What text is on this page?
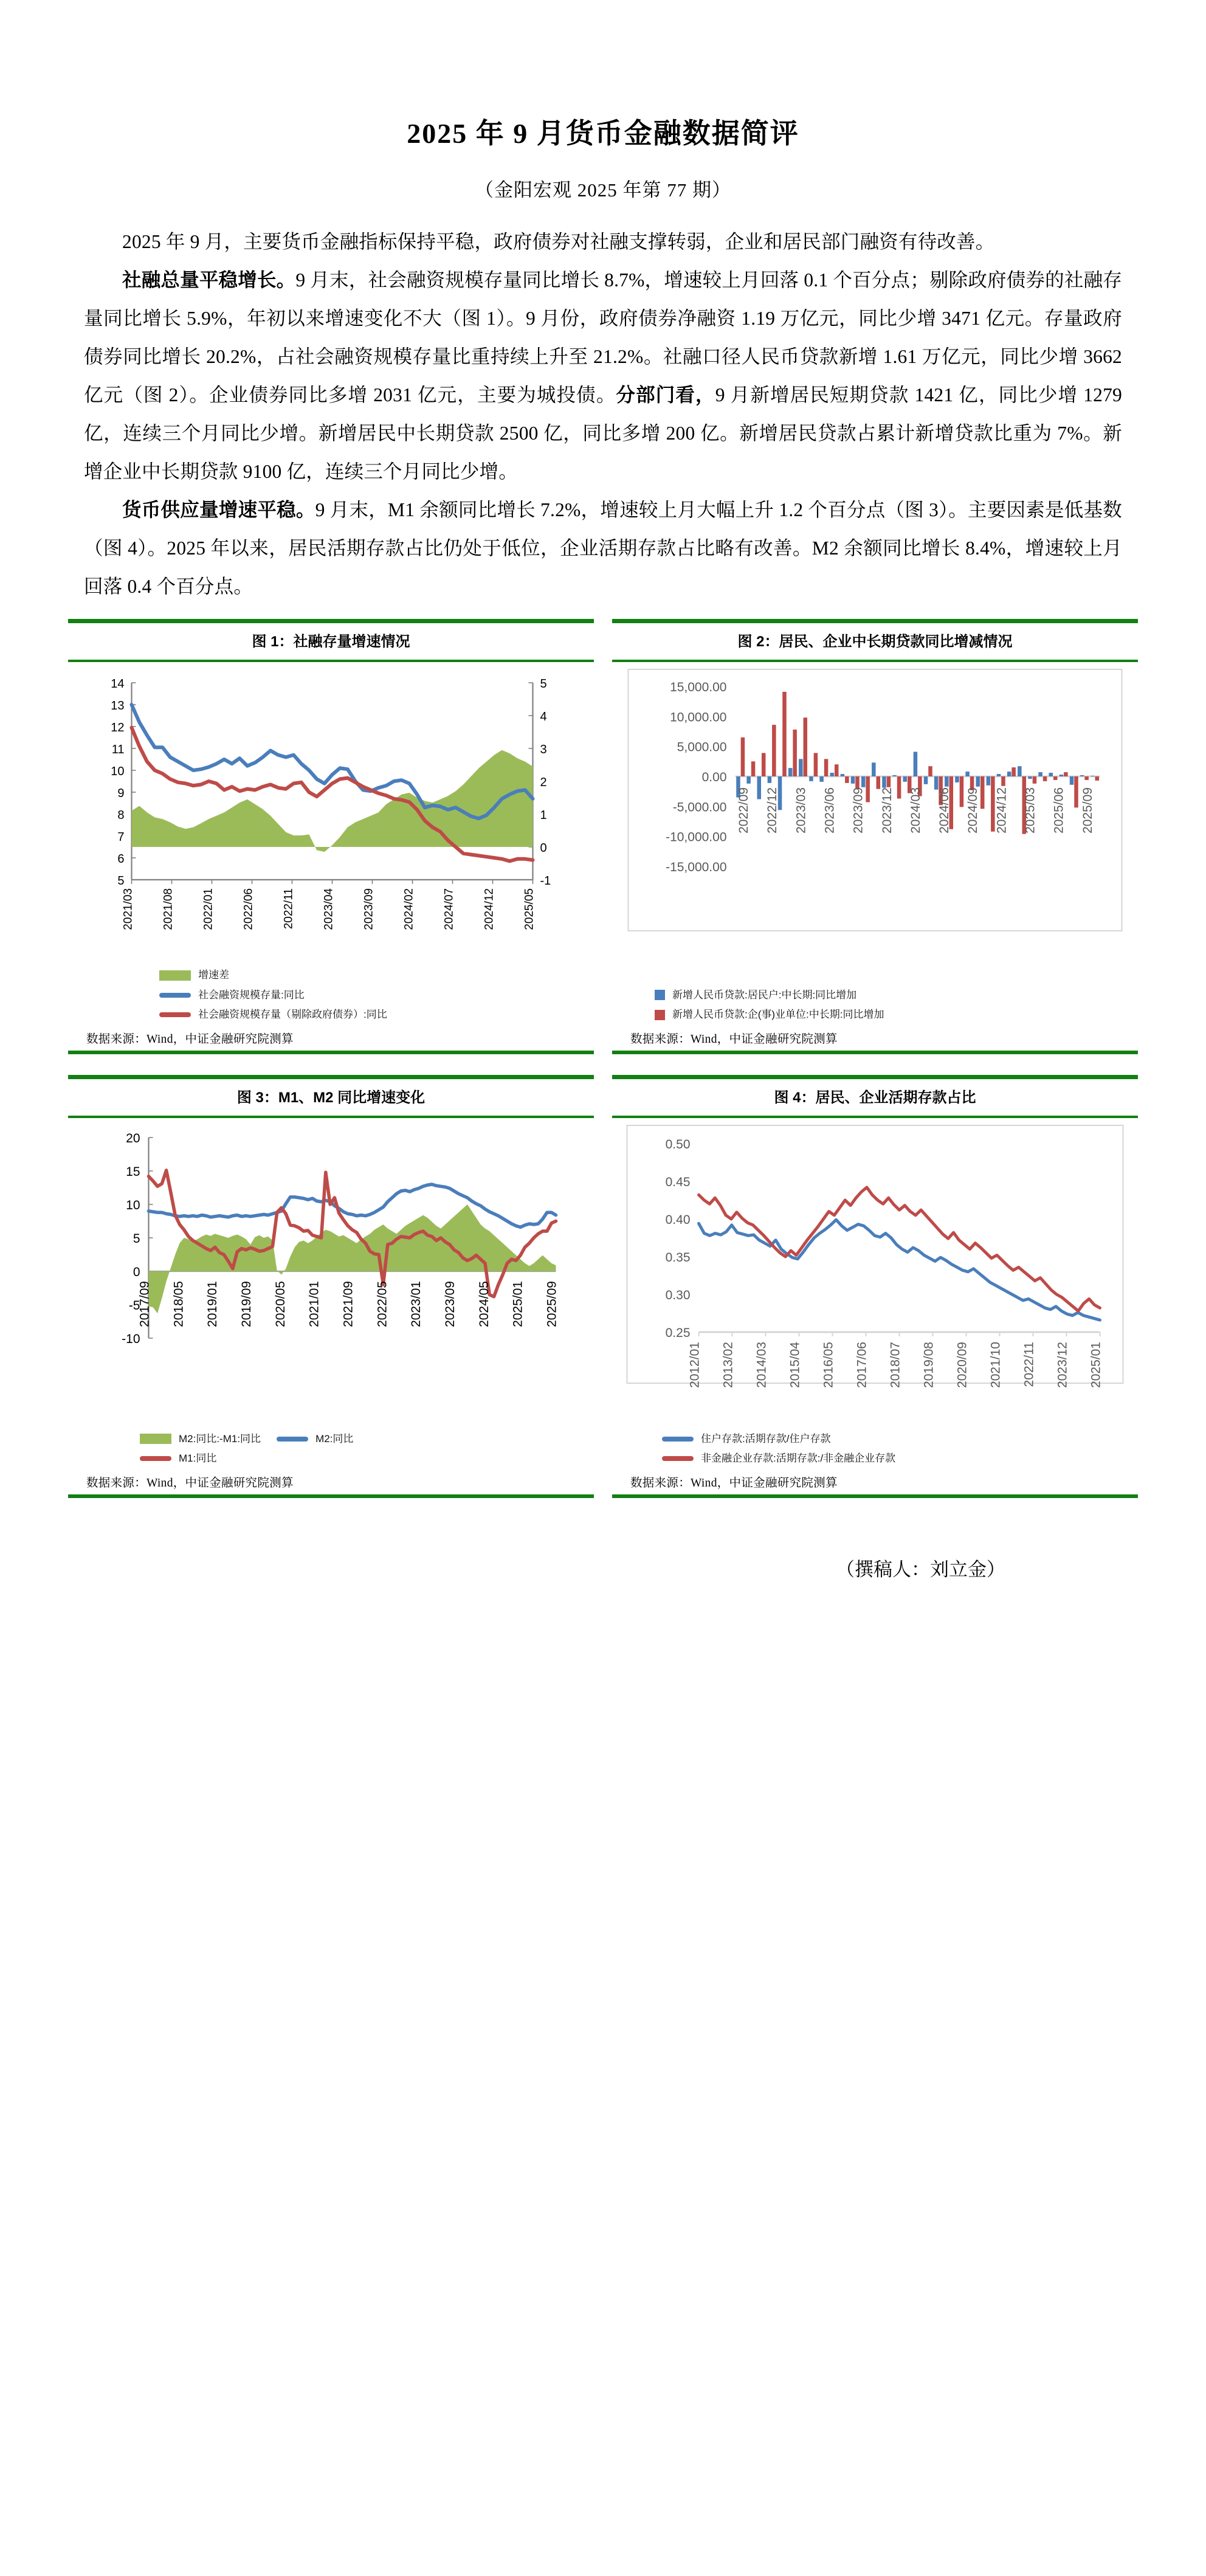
2025 年 9 月货币金融数据简评
（金阳宏观 2025 年第 77 期）

2025 年 9 月，主要货币金融指标保持平稳，政府债券对社融支撑转弱，企业和居民部门融资有待改善。

社融总量平稳增长。9 月末，社会融资规模存量同比增长 8.7%，增速较上月回落 0.1 个百分点；剔除政府债券的社融存量同比增长 5.9%，年初以来增速变化不大（图 1）。9 月份，政府债券净融资 1.19 万亿元，同比少增 3471 亿元。存量政府债券同比增长 20.2%，占社会融资规模存量比重持续上升至 21.2%。社融口径人民币贷款新增 1.61 万亿元，同比少增 3662 亿元（图 2）。企业债券同比多增 2031 亿元，主要为城投债。分部门看，9 月新增居民短期贷款 1421 亿，同比少增 1279 亿，连续三个月同比少增。新增居民中长期贷款 2500 亿，同比多增 200 亿。新增居民贷款占累计新增贷款比重为 7%。新增企业中长期贷款 9100 亿，连续三个月同比少增。

货币供应量增速平稳。9 月末，M1 余额同比增长 7.2%，增速较上月大幅上升 1.2 个百分点（图 3）。主要因素是低基数（图 4）。2025 年以来，居民活期存款占比仍处于低位，企业活期存款占比略有改善。M2 余额同比增长 8.4%，增速较上月回落 0.4 个百分点。

图 1：社融存量增速情况
5
6
7
8
9
10
11
12
13
14
-1
0
1
2
3
4
5
2021/03 2021/08 2022/01 2022/06 2022/11 2023/04 2023/09 2024/02 2024/07 2024/12 2025/05
增速差
社会融资规模存量:同比
社会融资规模存量（剔除政府债券）:同比
数据来源：Wind，中证金融研究院测算
图 2：居民、企业中长期贷款同比增减情况
-15,000.00
-10,000.00
-5,000.00
0.00
5,000.00
10,000.00
15,000.00
2022/09 2022/12 2023/03 2023/06 2023/09 2023/12 2024/03 2024/06 2024/09 2024/12 2025/03 2025/06 2025/09
新增人民币贷款:居民户:中长期:同比增加
新增人民币贷款:企(事)业单位:中长期:同比增加
数据来源：Wind，中证金融研究院测算
图 3：M1、M2 同比增速变化
-10
-5
0
5
10
15
20
2017/09 2018/05 2019/01 2019/09 2020/05 2021/01 2021/09 2022/05 2023/01 2023/09 2024/05 2025/01 2025/09
M2:同比:-M1:同比	M2:同比
M1:同比
数据来源：Wind，中证金融研究院测算
图 4：居民、企业活期存款占比
0.25
0.30
0.35
0.40
0.45
0.50
2012/01 2013/02 2014/03 2015/04 2016/05 2017/06 2018/07 2019/08 2020/09 2021/10 2022/11 2023/12 2025/01
住户存款:活期存款/住户存款
非金融企业存款:活期存款:/非金融企业存款
数据来源：Wind，中证金融研究院测算
（撰稿人：刘立金）
